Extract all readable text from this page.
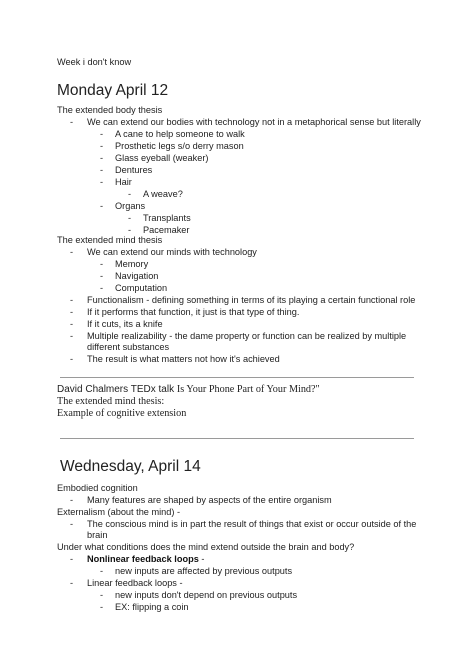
Week i don't know
Monday April 12
The extended body thesis
- We can extend our bodies with technology not in a metaphorical sense but literally
- A cane to help someone to walk
- Prosthetic legs s/o derry mason
- Glass eyeball (weaker)
- Dentures
- Hair
- A weave?
- Organs
- Transplants
- Pacemaker
The extended mind thesis
- We can extend our minds with technology
- Memory
- Navigation
- Computation
- Functionalism - defining something in terms of its playing a certain functional role
- If it performs that function, it just is that type of thing.
- If it cuts, its a knife
- Multiple realizability - the dame property or function can be realized by multiple
different substances
- The result is what matters not how it's achieved
David Chalmers TEDx talk Is Your Phone Part of Your Mind?"
The extended mind thesis:
Example of cognitive extension
Wednesday, April 14
Embodied cognition
- Many features are shaped by aspects of the entire organism
Externalism (about the mind) -
- The conscious mind is in part the result of things that exist or occur outside of the
brain
Under what conditions does the mind extend outside the brain and body?
- Nonlinear feedback loops -
- new inputs are affected by previous outputs
- Linear feedback loops -
- new inputs don't depend on previous outputs
- EX: flipping a coin
